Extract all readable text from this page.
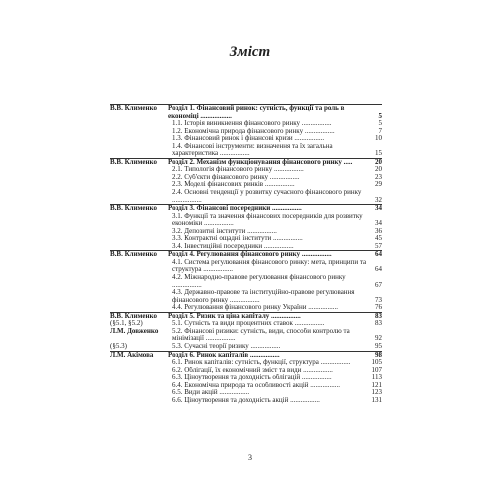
Зміст
В.В. Клименко	Розділ 1. Фінансовий ринок: сутність, функції та роль в економіці ..................	5
1.1. Історія виникнення фінансового ринку .................	5
1.2. Економічна природа фінансового ринку .................	7
1.3. Фінансовий ринок і фінансові кризи .................	10
1.4. Фінансові інструменти: визначення та їх загальна характеристика .................	15
В.В. Клименко	Розділ 2. Механізм функціонування фінансового ринку .....	20
2.1. Типологія фінансового ринку .................	20
2.2. Суб'єкти фінансового ринку .................	23
2.3. Моделі фінансових ринків .................	29
2.4. Основні тенденції у розвитку сучасного фінансового ринку .................	32
В.В. Клименко	Розділ 3. Фінансові посередники .................	34
3.1. Функції та значення фінансових посередників для розвитку економіки .................	34
3.2. Депозитні інститути .................	36
3.3. Контрактні ощадні інститути .................	45
3.4. Інвестиційні посередники .................	57
В.В. Клименко	Розділ 4. Регулювання фінансового ринку .................	64
4.1. Система регулювання фінансового ринку: мета, принципи та структура .................	64
4.2. Міжнародно-правове регулювання фінансового ринку .................	67
4.3. Державно-правове та інституційно-правове регулювання фінансового ринку .................	73
4.4. Регулювання фінансового ринку України .................	76
В.В. Клименко	Розділ 5. Ризик та ціна капіталу .................	83
(§5.1, §5.2)	5.1. Сутність та види процентних ставок .................	83
Л.М. Довженко	5.2. Фінансові ризики: сутність, види, способи контролю та мінімізації .................	92
(§5.3)	5.3. Сучасні теорії ризику .................	95
Л.М. Акімова	Розділ 6. Ринок капіталів .................	98
6.1. Ринок капіталів: сутність, функції, структура .................	105
6.2. Облігації, їх економічний зміст та види .................	107
6.3. Ціноутворення та доходність облігацій .................	113
6.4. Економічна природа та особливості акцій .................	121
6.5. Види акцій .................	123
6.6. Ціноутворення та доходність акцій .................	131
3
